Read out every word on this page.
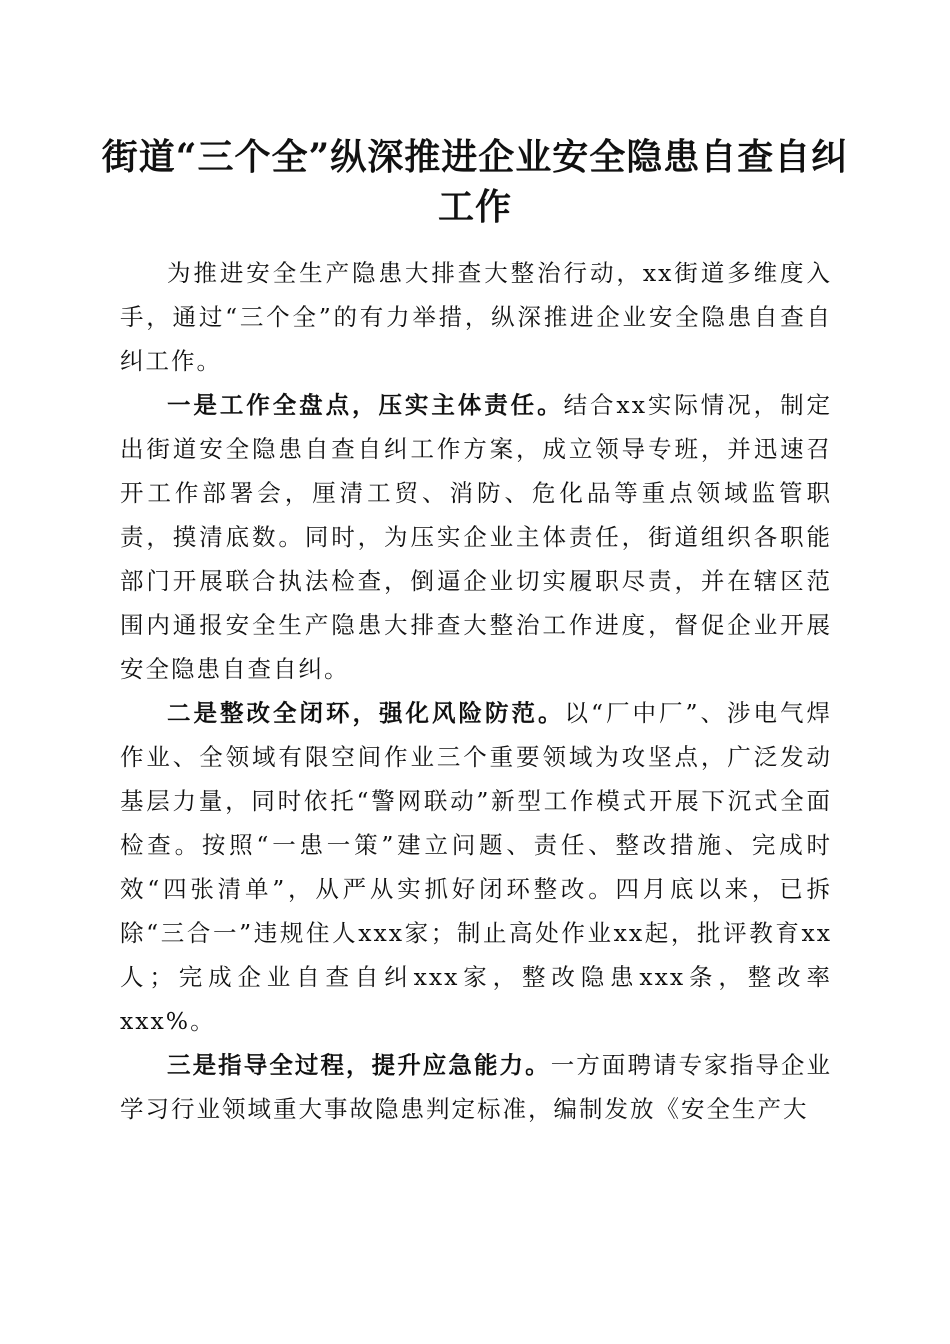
街道“三个全”纵深推进企业安全隐患自查自纠工作

为推进安全生产隐患大排查大整治行动，xx街道多维度入手，通过“三个全”的有力举措，纵深推进企业安全隐患自查自纠工作。

一是工作全盘点，压实主体责任。结合xx实际情况，制定出街道安全隐患自查自纠工作方案，成立领导专班，并迅速召开工作部署会，厘清工贸、消防、危化品等重点领域监管职责，摸清底数。同时，为压实企业主体责任，街道组织各职能部门开展联合执法检查，倒逼企业切实履职尽责，并在辖区范围内通报安全生产隐患大排查大整治工作进度，督促企业开展安全隐患自查自纠。

二是整改全闭环，强化风险防范。以“厂中厂”、涉电气焊作业、全领域有限空间作业三个重要领域为攻坚点，广泛发动基层力量，同时依托“警网联动”新型工作模式开展下沉式全面检查。按照“一患一策”建立问题、责任、整改措施、完成时效“四张清单”，从严从实抓好闭环整改。四月底以来，已拆除“三合一”违规住人xxx家；制止高处作业xx起，批评教育xx人；完成企业自查自纠xxx家，整改隐患xxx条，整改率xxx%。

三是指导全过程，提升应急能力。一方面聘请专家指导企业学习行业领域重大事故隐患判定标准，编制发放《安全生产大
